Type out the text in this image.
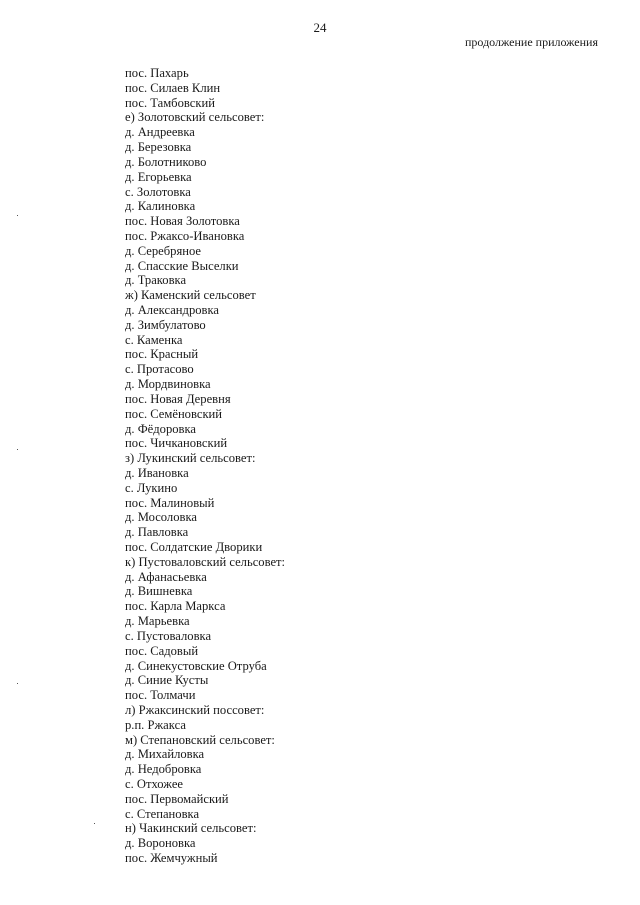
24
продолжение приложения
пос. Пахарь
пос. Силаев Клин
пос. Тамбовский
е) Золотовский сельсовет:
д. Андреевка
д. Березовка
д. Болотниково
д. Егорьевка
с. Золотовка
д. Калиновка
пос. Новая Золотовка
пос. Ржаксо-Ивановка
д. Серебряное
д. Спасские Выселки
д. Траковка
ж) Каменский сельсовет
д. Александровка
д. Зимбулатово
с. Каменка
пос. Красный
с. Протасово
д. Мордвиновка
пос. Новая Деревня
пос. Семёновский
д. Фёдоровка
пос. Чичкановский
з) Лукинский сельсовет:
д. Ивановка
с. Лукино
пос. Малиновый
д. Мосоловка
д. Павловка
пос. Солдатские Дворики
к) Пустоваловский сельсовет:
д. Афанасьевка
д. Вишневка
пос. Карла Маркса
д. Марьевка
с. Пустоваловка
пос. Садовый
д. Синекустовские Отруба
д. Синие Кусты
пос. Толмачи
л) Ржаксинский поссовет:
р.п. Ржакса
м) Степановский сельсовет:
д. Михайловка
д. Недобровка
с. Отхожее
пос. Первомайский
с. Степановка
н) Чакинский сельсовет:
д. Вороновка
пос. Жемчужный
